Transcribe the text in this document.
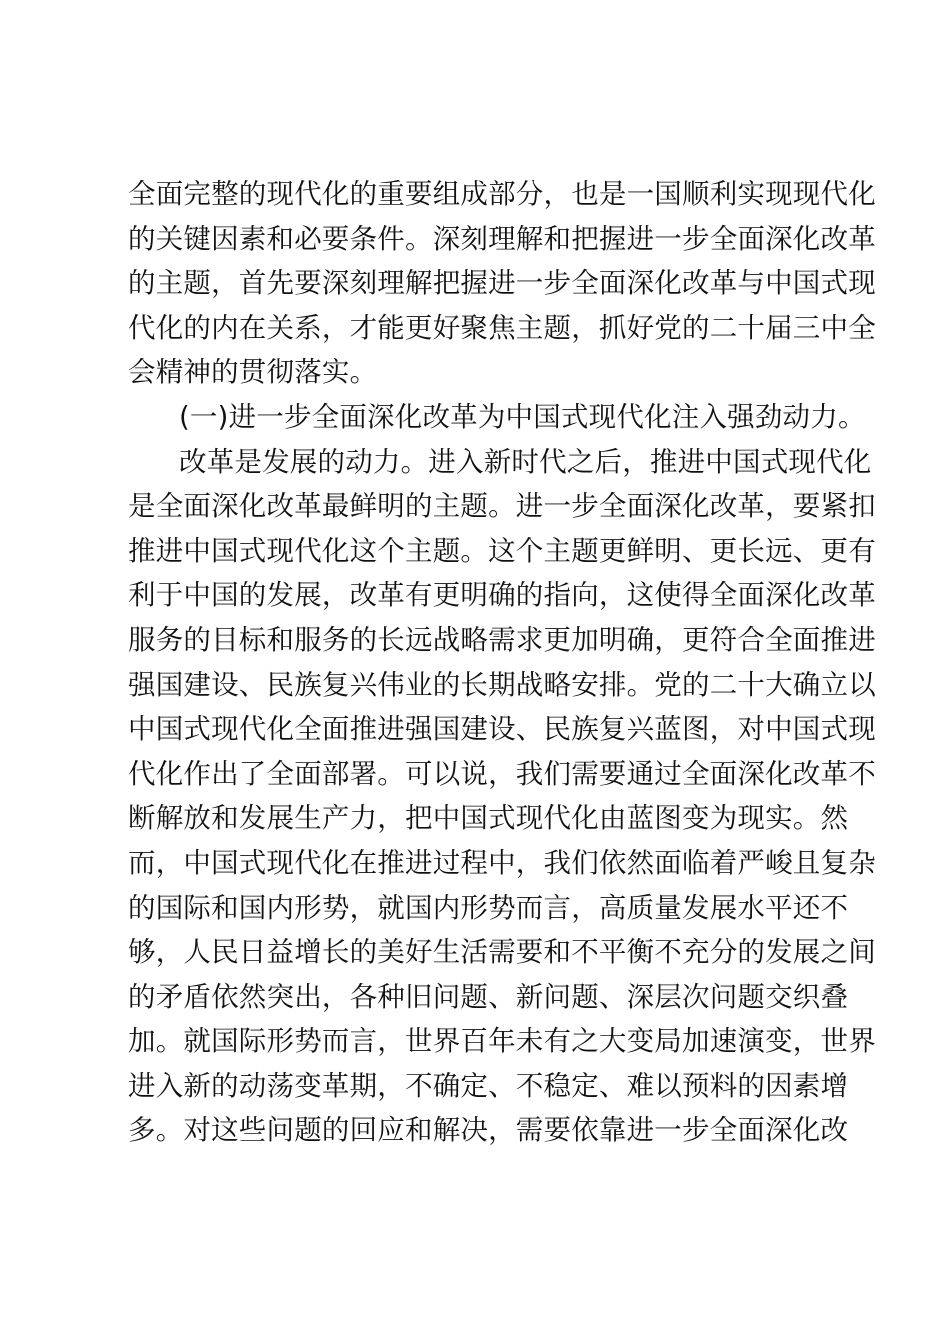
全面完整的现代化的重要组成部分，也是一国顺利实现现代化
的关键因素和必要条件。深刻理解和把握进一步全面深化改革
的主题，首先要深刻理解把握进一步全面深化改革与中国式现
代化的内在关系，才能更好聚焦主题，抓好党的二十届三中全
会精神的贯彻落实。
(一)进一步全面深化改革为中国式现代化注入强劲动力。
改革是发展的动力。进入新时代之后，推进中国式现代化
是全面深化改革最鲜明的主题。进一步全面深化改革，要紧扣
推进中国式现代化这个主题。这个主题更鲜明、更长远、更有
利于中国的发展，改革有更明确的指向，这使得全面深化改革
服务的目标和服务的长远战略需求更加明确，更符合全面推进
强国建设、民族复兴伟业的长期战略安排。党的二十大确立以
中国式现代化全面推进强国建设、民族复兴蓝图，对中国式现
代化作出了全面部署。可以说，我们需要通过全面深化改革不
断解放和发展生产力，把中国式现代化由蓝图变为现实。然
而，中国式现代化在推进过程中，我们依然面临着严峻且复杂
的国际和国内形势，就国内形势而言，高质量发展水平还不
够，人民日益增长的美好生活需要和不平衡不充分的发展之间
的矛盾依然突出，各种旧问题、新问题、深层次问题交织叠
加。就国际形势而言，世界百年未有之大变局加速演变，世界
进入新的动荡变革期，不确定、不稳定、难以预料的因素增
多。对这些问题的回应和解决，需要依靠进一步全面深化改
